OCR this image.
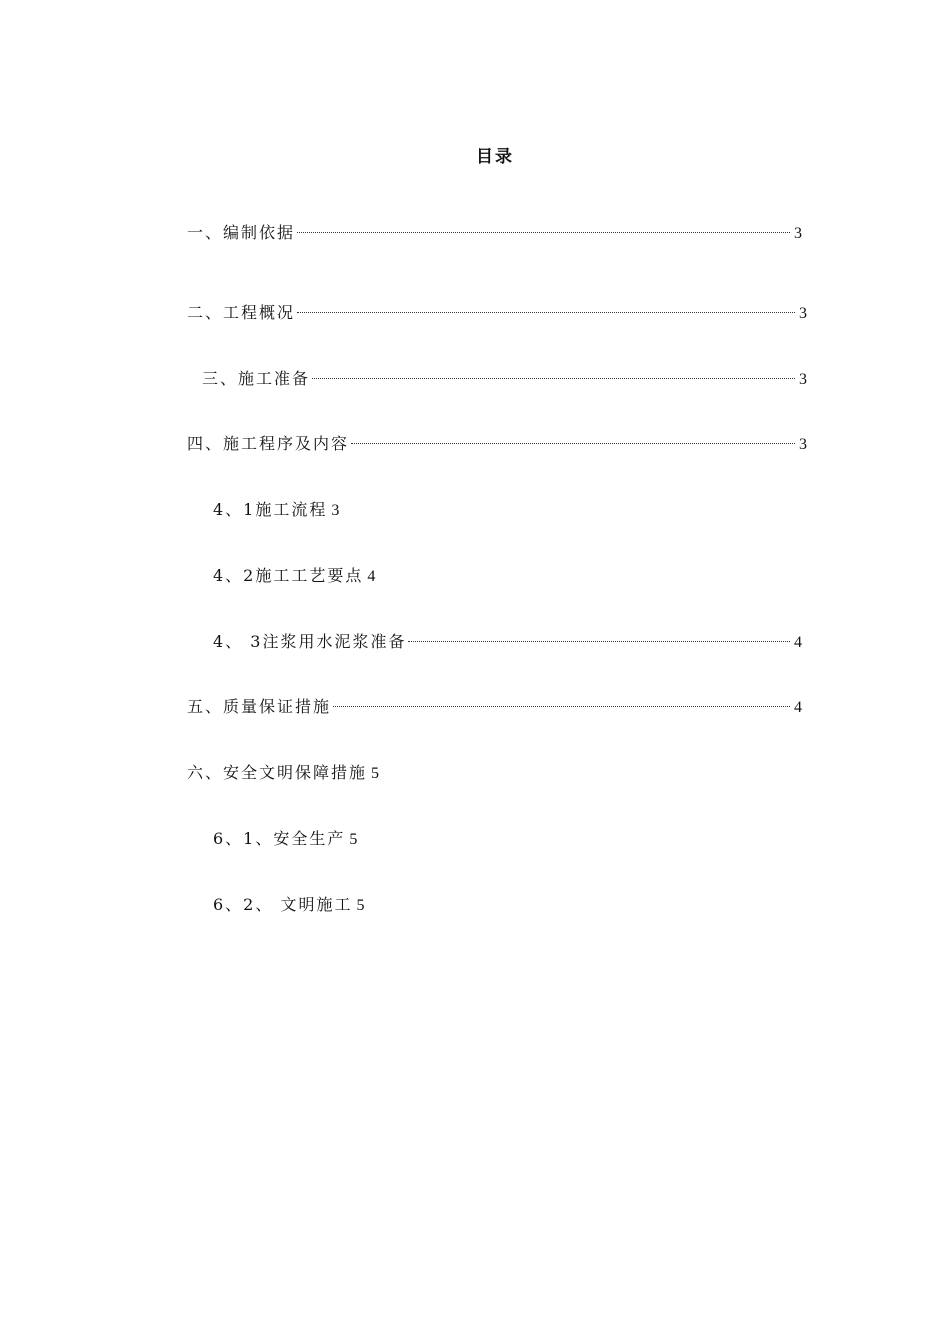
目录
一、编制依据	3
二、工程概况	3
三、施工准备	3
四、施工程序及内容	3
4、1施工流程 3
4、2施工工艺要点 4
4、 3注浆用水泥浆准备	4
五、质量保证措施	4
六、安全文明保障措施 5
6、1、安全生产 5
6、2、 文明施工 5
